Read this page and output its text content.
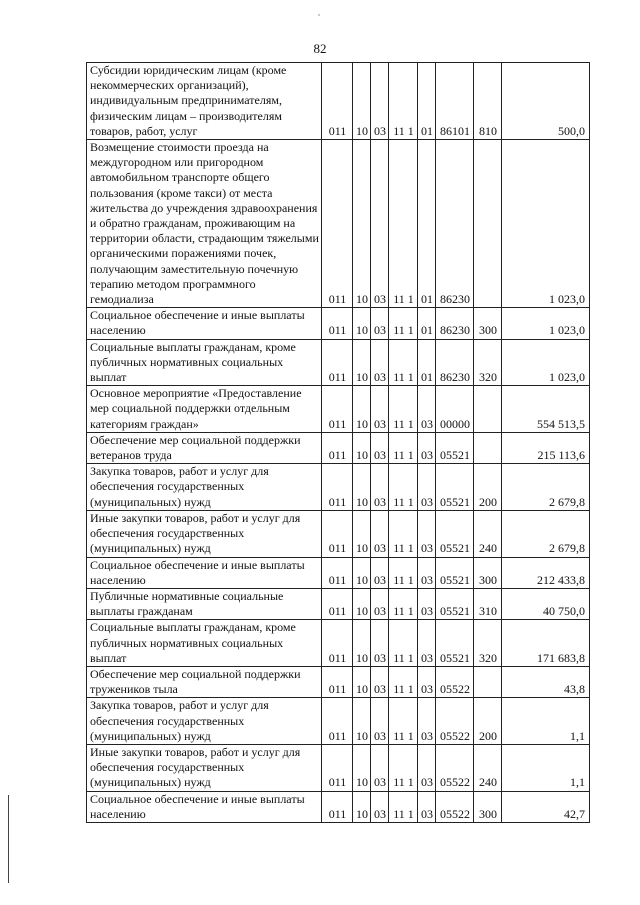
82
Субсидии юридическим лицам (кроме некоммерческих организаций), индивидуальным предпринимателям, физическим лицам – производителям товаров, работ, услуг	011	10	03	11 1	01	86101	810	500,0
Возмещение стоимости проезда на междугородном или пригородном автомобильном транспорте общего пользования (кроме такси) от места жительства до учреждения здравоохранения и обратно гражданам, проживающим на территории области, страдающим тяжелыми органическими поражениями почек, получающим заместительную почечную терапию методом программного гемодиализа	011	10	03	11 1	01	86230		1 023,0
Социальное обеспечение и иные выплаты населению	011	10	03	11 1	01	86230	300	1 023,0
Социальные выплаты гражданам, кроме публичных нормативных социальных выплат	011	10	03	11 1	01	86230	320	1 023,0
Основное мероприятие «Предоставление мер социальной поддержки отдельным категориям граждан»	011	10	03	11 1	03	00000		554 513,5
Обеспечение мер социальной поддержки ветеранов труда	011	10	03	11 1	03	05521		215 113,6
Закупка товаров, работ и услуг для обеспечения государственных (муниципальных) нужд	011	10	03	11 1	03	05521	200	2 679,8
Иные закупки товаров, работ и услуг для обеспечения государственных (муниципальных) нужд	011	10	03	11 1	03	05521	240	2 679,8
Социальное обеспечение и иные выплаты населению	011	10	03	11 1	03	05521	300	212 433,8
Публичные нормативные социальные выплаты гражданам	011	10	03	11 1	03	05521	310	40 750,0
Социальные выплаты гражданам, кроме публичных нормативных социальных выплат	011	10	03	11 1	03	05521	320	171 683,8
Обеспечение мер социальной поддержки тружеников тыла	011	10	03	11 1	03	05522		43,8
Закупка товаров, работ и услуг для обеспечения государственных (муниципальных) нужд	011	10	03	11 1	03	05522	200	1,1
Иные закупки товаров, работ и услуг для обеспечения государственных (муниципальных) нужд	011	10	03	11 1	03	05522	240	1,1
Социальное обеспечение и иные выплаты населению	011	10	03	11 1	03	05522	300	42,7
